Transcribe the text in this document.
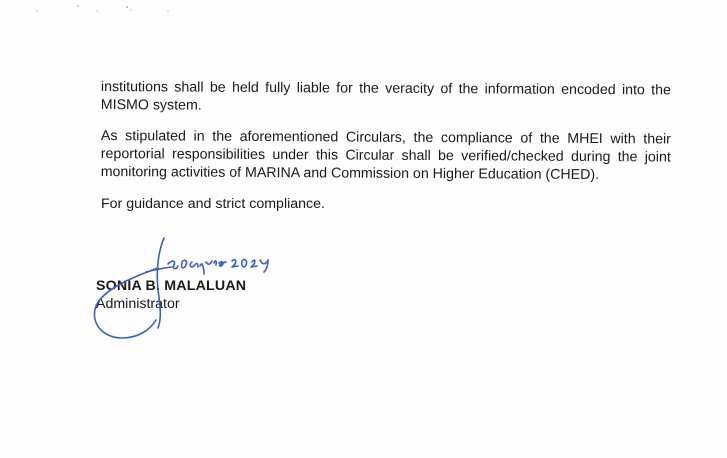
institutions shall be held fully liable for the veracity of the information encoded into the MISMO system.

As stipulated in the aforementioned Circulars, the compliance of the MHEI with their reportorial responsibilities under this Circular shall be verified/checked during the joint monitoring activities of MARINA and Commission on Higher Education (CHED).

For guidance and strict compliance.

SONIA B. MALALUAN
Administrator
